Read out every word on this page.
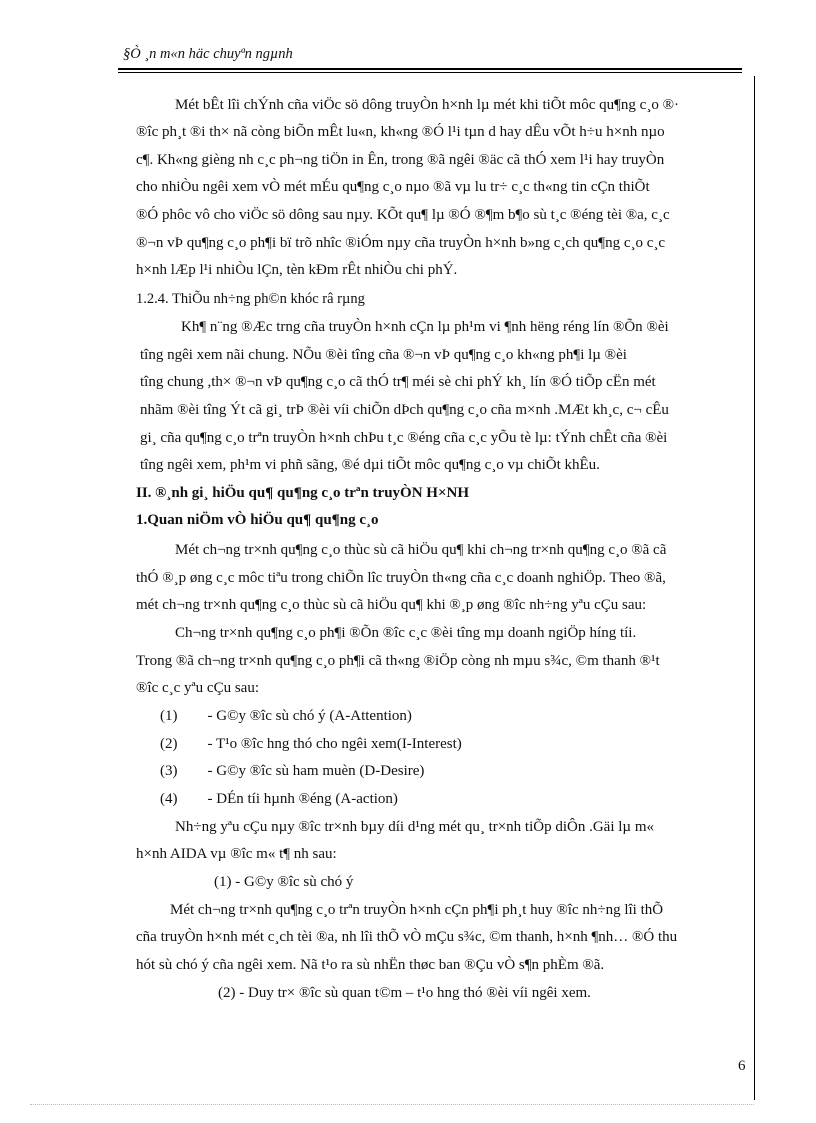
§Ò ¸n m«n häc chuyªn ngµnh
Mét bÊt lîi chÝnh cña viÖc sö dông truyÒn h×nh lµ mét khi tiÕt môc qu¶ng c¸o ®·
®îc ph¸t ®i th× nã còng biÕn mÊt lu«n, kh«ng ®Ó l¹i tµn d hay dÊu vÕt h÷u h×nh nµo
c¶. Kh«ng gièng nh c¸c ph¬ng tiÖn in Ên, trong ®ã ngêi ®äc cã thÓ xem l¹i hay truyÒn
cho nhiÒu ngêi xem vÒ mét mÉu qu¶ng c¸o nµo ®ã vµ lu tr÷ c¸c th«ng tin cÇn thiÕt
®Ó phôc vô cho viÖc sö dông sau nµy. KÕt qu¶ lµ ®Ó ®¶m b¶o sù t¸c ®éng tèi ®a, c¸c
®¬n vÞ qu¶ng c¸o ph¶i bï trõ nhîc ®iÓm nµy cña truyÒn h×nh b»ng c¸ch qu¶ng c¸o c¸c
h×nh lÆp l¹i nhiÒu lÇn, tèn kÐm rÊt nhiÒu chi phÝ.
1.2.4. ThiÕu nh÷ng ph©n khóc râ rµng
Kh¶ n¨ng ®Æc trng cña truyÒn h×nh cÇn lµ ph¹m vi ¶nh hëng réng lín ®Õn ®èi
tîng ngêi xem nãi chung. NÕu ®èi tîng cña ®¬n vÞ qu¶ng c¸o kh«ng ph¶i lµ ®èi
tîng chung ,th× ®¬n vÞ qu¶ng c¸o cã thÓ tr¶ méi sè chi phÝ kh¸ lín ®Ó tiÕp cËn mét
nhãm ®èi tîng Ýt cã gi¸ trÞ ®èi víi chiÕn dÞch qu¶ng c¸o cña m×nh .MÆt kh¸c, c¬ cÊu
gi¸ cña qu¶ng c¸o trªn truyÒn h×nh chÞu t¸c ®éng cña c¸c yÕu tè lµ: tÝnh chÊt cña ®èi
tîng ngêi xem, ph¹m vi phñ sãng, ®é dµi tiÕt môc qu¶ng c¸o vµ chiÕt khÊu.
II. ®¸nh gi¸ hiÖu qu¶ qu¶ng c¸o trªn truyÒN H×NH
1.Quan niÖm vÒ hiÖu qu¶ qu¶ng c¸o
Mét ch¬ng tr×nh qu¶ng c¸o thùc sù cã hiÖu qu¶ khi ch¬ng tr×nh qu¶ng c¸o ®ã cã
thÓ ®¸p øng c¸c môc tiªu trong chiÕn lîc truyÒn th«ng cña c¸c doanh nghiÖp. Theo ®ã,
mét ch¬ng tr×nh qu¶ng c¸o thùc sù cã hiÖu qu¶ khi ®¸p øng ®îc nh÷ng yªu cÇu sau:
Ch¬ng tr×nh qu¶ng c¸o ph¶i ®Õn ®îc c¸c ®èi tîng mµ doanh ngiÖp híng tíi.
Trong ®ã ch¬ng tr×nh qu¶ng c¸o ph¶i cã th«ng ®iÖp còng nh mµu s¾c, ©m thanh ®¹t
®îc c¸c yªu cÇu sau:
(1)        - G©y ®îc sù chó ý (A-Attention)
(2)        - T¹o ®îc hng thó cho ngêi xem(I-Interest)
(3)        - G©y ®îc sù ham muèn (D-Desire)
(4)        - DÉn tíi hµnh ®éng (A-action)
Nh÷ng yªu cÇu nµy ®îc tr×nh bµy díi d¹ng mét qu¸ tr×nh tiÕp diÔn .Gäi lµ m«
h×nh AIDA vµ ®îc m« t¶ nh sau:
(1) - G©y ®îc sù chó ý
Mét ch¬ng tr×nh qu¶ng c¸o trªn truyÒn h×nh cÇn ph¶i ph¸t huy ®îc nh÷ng lîi thÕ
cña truyÒn h×nh mét c¸ch tèi ®a, nh lîi thÕ vÒ mÇu s¾c, ©m thanh, h×nh ¶nh… ®Ó thu
hót sù chó ý cña ngêi xem. Nã t¹o ra sù nhËn thøc ban ®Çu vÒ s¶n phÈm ®ã.
(2) - Duy tr× ®îc sù quan t©m – t¹o hng thó ®èi víi ngêi xem.
6
